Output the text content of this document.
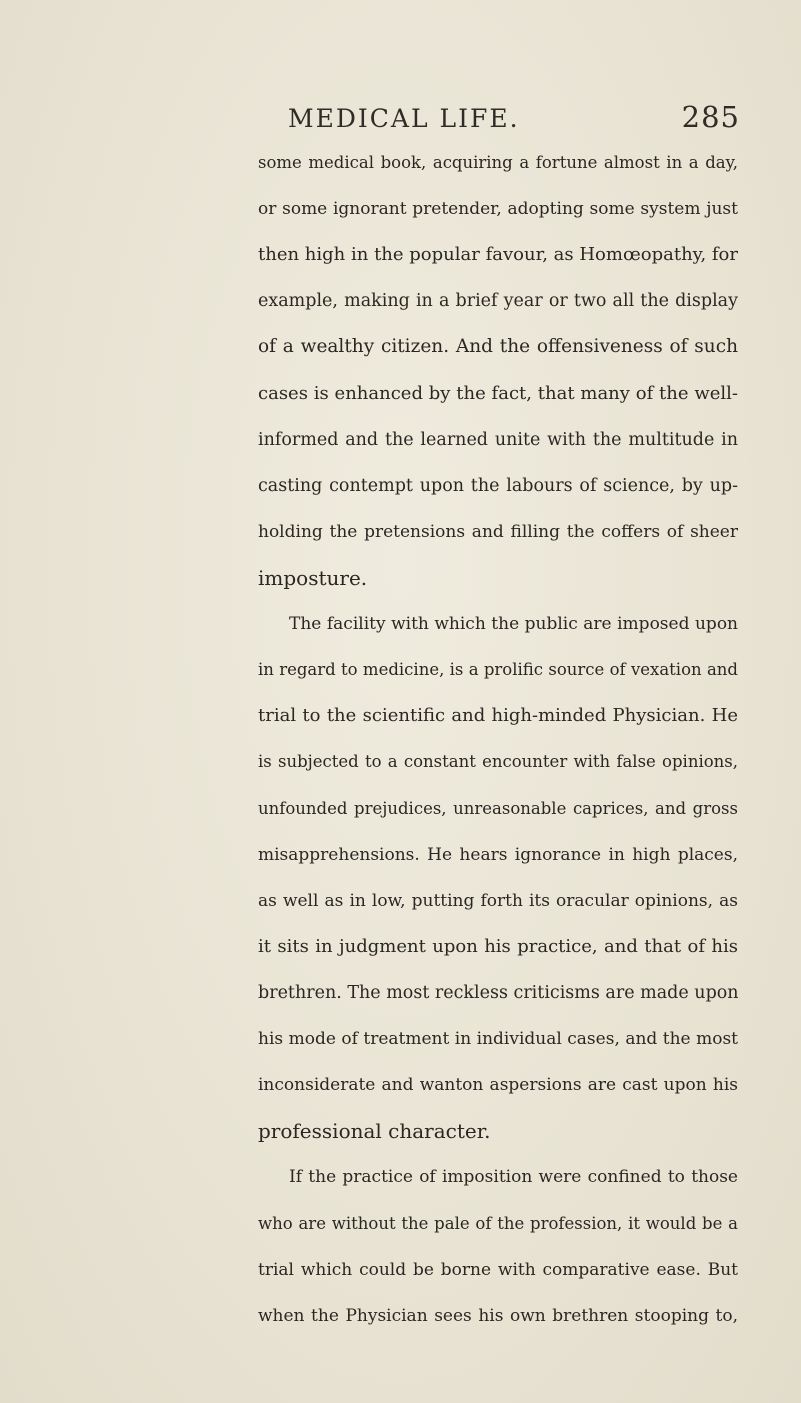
MEDICAL LIFE.	285
some medical book, acquiring a fortune almost in a day,
or some ignorant pretender, adopting some system just
then high in the popular favour, as Homœopathy, for
example, making in a brief year or two all the display
of a wealthy citizen. And the offensiveness of such
cases is enhanced by the fact, that many of the well-
informed and the learned unite with the multitude in
casting contempt upon the labours of science, by up-
holding the pretensions and filling the coffers of sheer
imposture.
The facility with which the public are imposed upon
in regard to medicine, is a prolific source of vexation and
trial to the scientific and high-minded Physician. He
is subjected to a constant encounter with false opinions,
unfounded prejudices, unreasonable caprices, and gross
misapprehensions. He hears ignorance in high places,
as well as in low, putting forth its oracular opinions, as
it sits in judgment upon his practice, and that of his
brethren. The most reckless criticisms are made upon
his mode of treatment in individual cases, and the most
inconsiderate and wanton aspersions are cast upon his
professional character.
If the practice of imposition were confined to those
who are without the pale of the profession, it would be a
trial which could be borne with comparative ease. But
when the Physician sees his own brethren stooping to,
